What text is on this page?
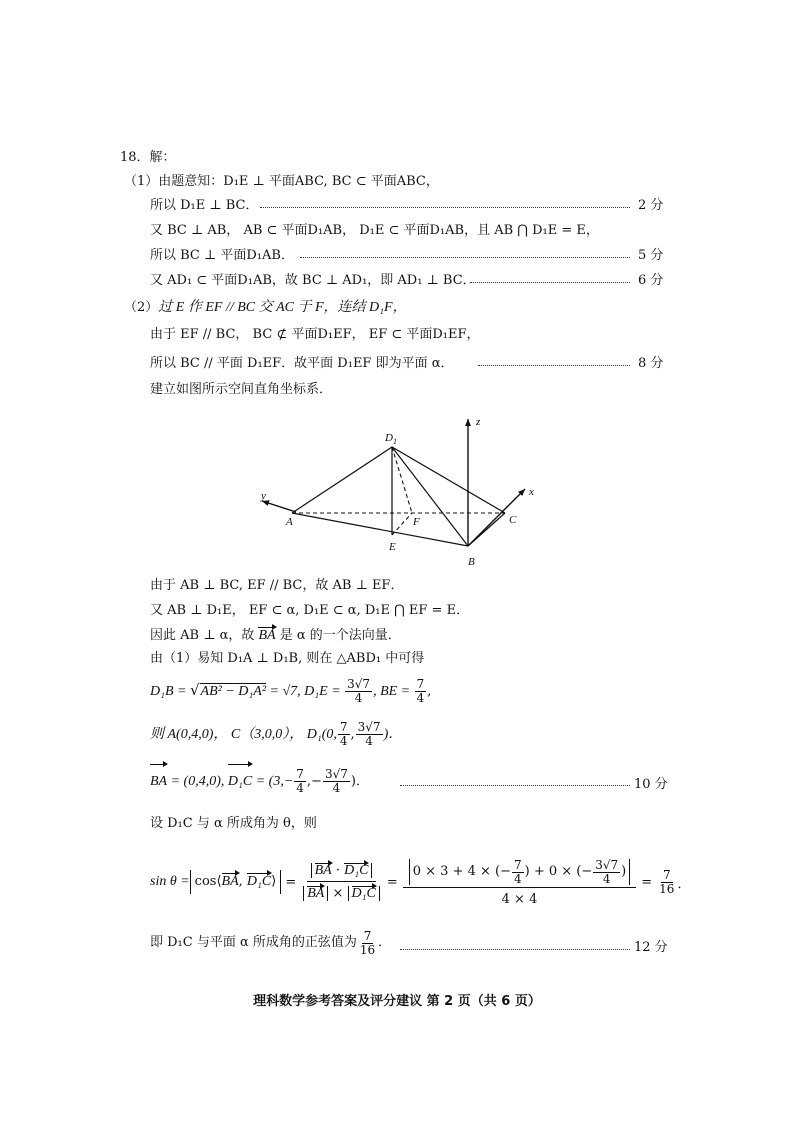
18．解：
（1）由题意知：D₁E ⊥ 平面ABC, BC ⊂ 平面ABC，
所以 D₁E ⊥ BC．	2 分
又 BC ⊥ AB， AB ⊂ 平面D₁AB， D₁E ⊂ 平面D₁AB，且 AB ⋂ D₁E = E，
所以 BC ⊥ 平面D₁AB．	5 分
又 AD₁ ⊂ 平面D₁AB，故 BC ⊥ AD₁，即 AD₁ ⊥ BC．	6 分
（2）过 E 作 EF // BC 交 AC 于 F，连结 D₁F，
由于 EF // BC， BC ⊄ 平面D₁EF， EF ⊂ 平面D₁EF，
所以 BC // 平面 D₁EF．故平面 D₁EF 即为平面 α．	8 分
建立如图所示空间直角坐标系．
z
y	x
$D_1$
A
B
C
E
F
由于 AB ⊥ BC, EF // BC，故 AB ⊥ EF．
又 AB ⊥ D₁E， EF ⊂ α, D₁E ⊂ α, D₁E ⋂ EF = E．
因此 AB ⊥ α，故 BA 是 α 的一个法向量．
由（1）易知 D₁A ⊥ D₁B, 则在 △ABD₁ 中可得
D₁B = √AB² − D₁A² = √7, $D_1E = \frac{3√7}{4}$ , BE = $\frac{7}{4}$ ,
则 A(0,4,0)， C（3,0,0）， D₁(0, $\frac{7}{4}$ , $\frac{3√7}{4}$ )．
BA = (0,4,0), $D_1C = (3,- \frac{7}{4}$ ,− $\frac{3√7}{4}$ )．	10 分
设 D₁C 与 α 所成角为 θ，则
sin θ = cos⟨BA, D₁C⟩ = $\frac{\text{BA · D₁C}}{\text{BA × D₁C}} = \frac{0 \times 3 + 4 \times (- \frac{7}{4} ) + 0 \times (- \frac{3√7}{4} )}{4 \times 4} = \frac{7}{16}$ ．
即 D₁C 与平面 α 所成角的正弦值为 $\frac{7}{16}$ ．	12 分
理科数学参考答案及评分建议 第 2 页（共 6 页）
